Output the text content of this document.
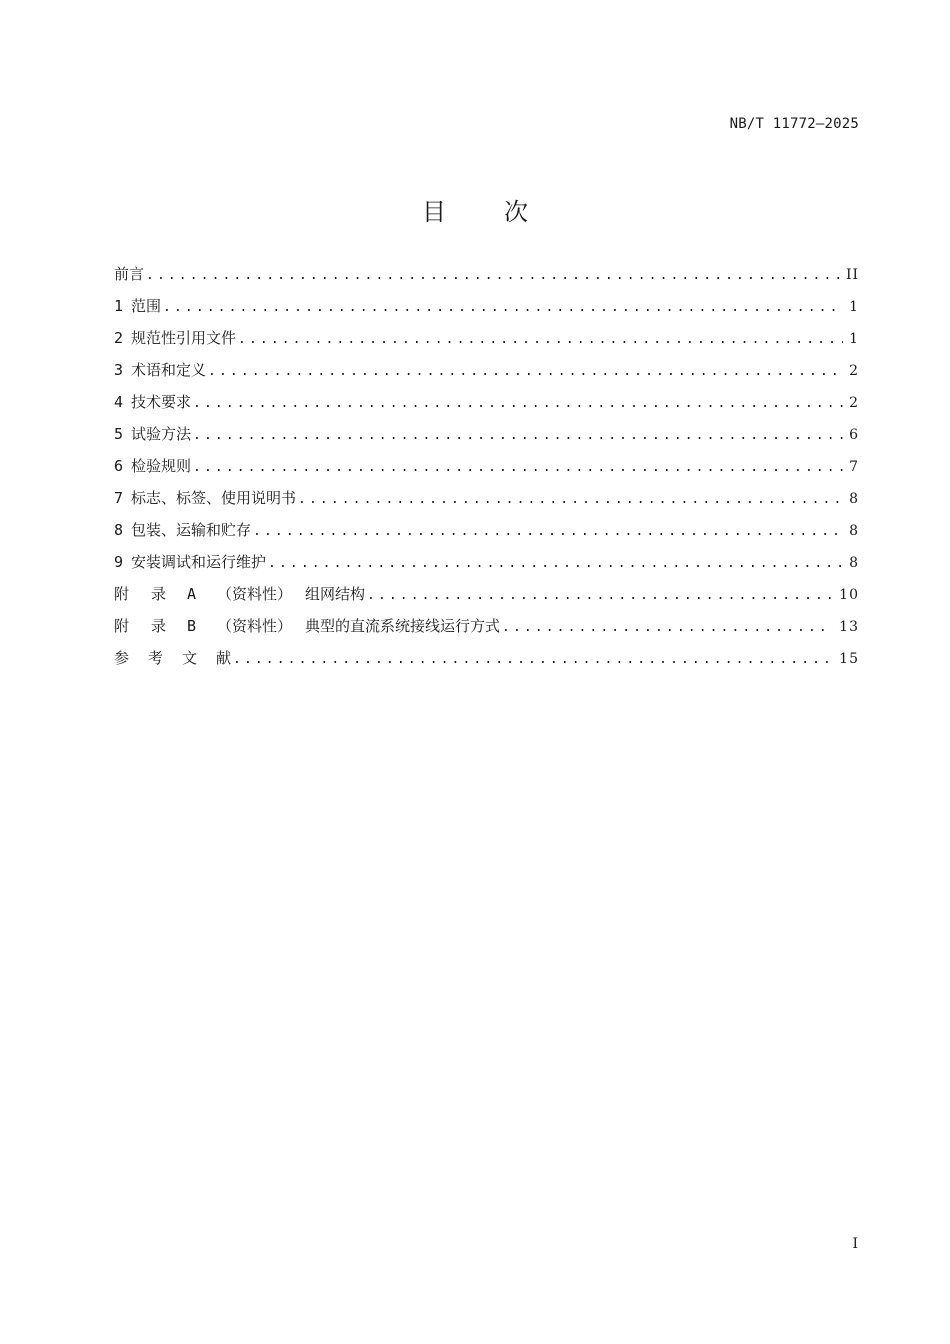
NB/T 11772—2025
目 次
前言 .....	II
1 范围 .....	1
2 规范性引用文件 .....	1
3 术语和定义 .....	2
4 技术要求 .....	2
5 试验方法 .....	6
6 检验规则 .....	7
7 标志、标签、使用说明书 .....	8
8 包装、运输和贮存 .....	8
9 安装调试和运行维护 .....	8
附 录 A （资料性） 组网结构 .....	10
附 录 B （资料性） 典型的直流系统接线运行方式 .....	13
参 考 文 献 .....	15
I
